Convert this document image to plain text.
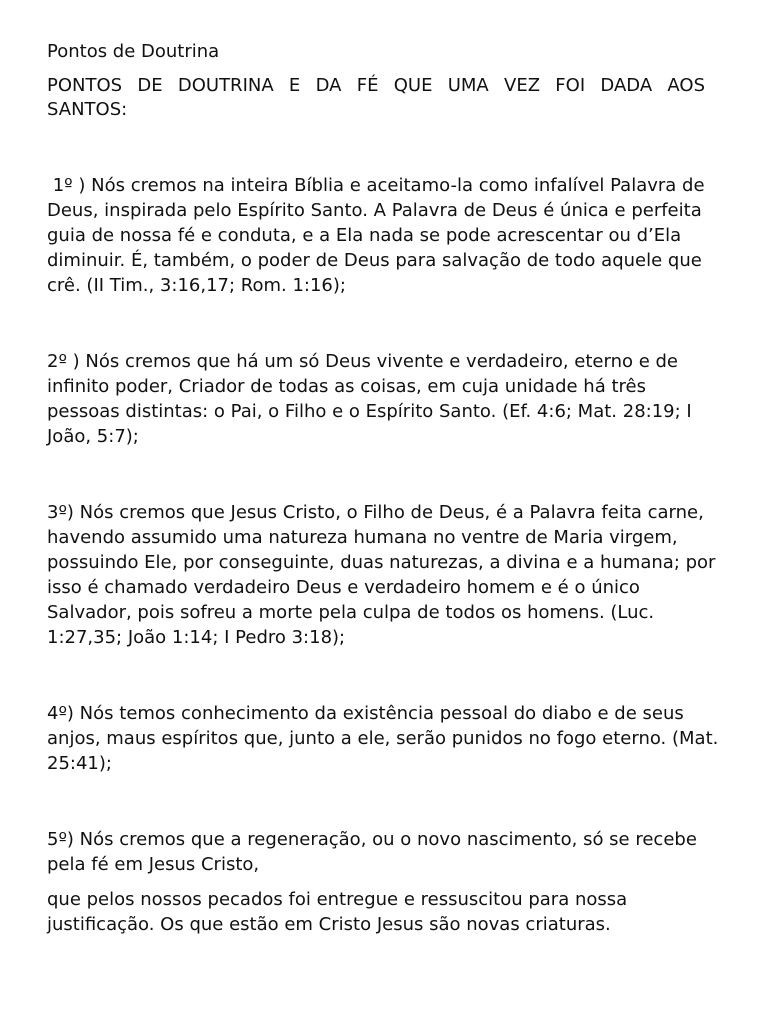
Pontos de Doutrina

PONTOS DE DOUTRINA E DA FÉ QUE UMA VEZ FOI DADA AOS SANTOS:

1º ) Nós cremos na inteira Bíblia e aceitamo-la como infalível Palavra de Deus, inspirada pelo Espírito Santo. A Palavra de Deus é única e perfeita guia de nossa fé e conduta, e a Ela nada se pode acrescentar ou d’Ela diminuir. É, também, o poder de Deus para salvação de todo aquele que crê. (II Tim., 3:16,17; Rom. 1:16);

2º ) Nós cremos que há um só Deus vivente e verdadeiro, eterno e de infinito poder, Criador de todas as coisas, em cuja unidade há três pessoas distintas: o Pai, o Filho e o Espírito Santo. (Ef. 4:6; Mat. 28:19; I João, 5:7);

3º) Nós cremos que Jesus Cristo, o Filho de Deus, é a Palavra feita carne, havendo assumido uma natureza humana no ventre de Maria virgem, possuindo Ele, por conseguinte, duas naturezas, a divina e a humana; por isso é chamado verdadeiro Deus e verdadeiro homem e é o único Salvador, pois sofreu a morte pela culpa de todos os homens. (Luc. 1:27,35; João 1:14; I Pedro 3:18);

4º) Nós temos conhecimento da existência pessoal do diabo e de seus anjos, maus espíritos que, junto a ele, serão punidos no fogo eterno. (Mat. 25:41);

5º) Nós cremos que a regeneração, ou o novo nascimento, só se recebe pela fé em Jesus Cristo,

que pelos nossos pecados foi entregue e ressuscitou para nossa justificação. Os que estão em Cristo Jesus são novas criaturas.
